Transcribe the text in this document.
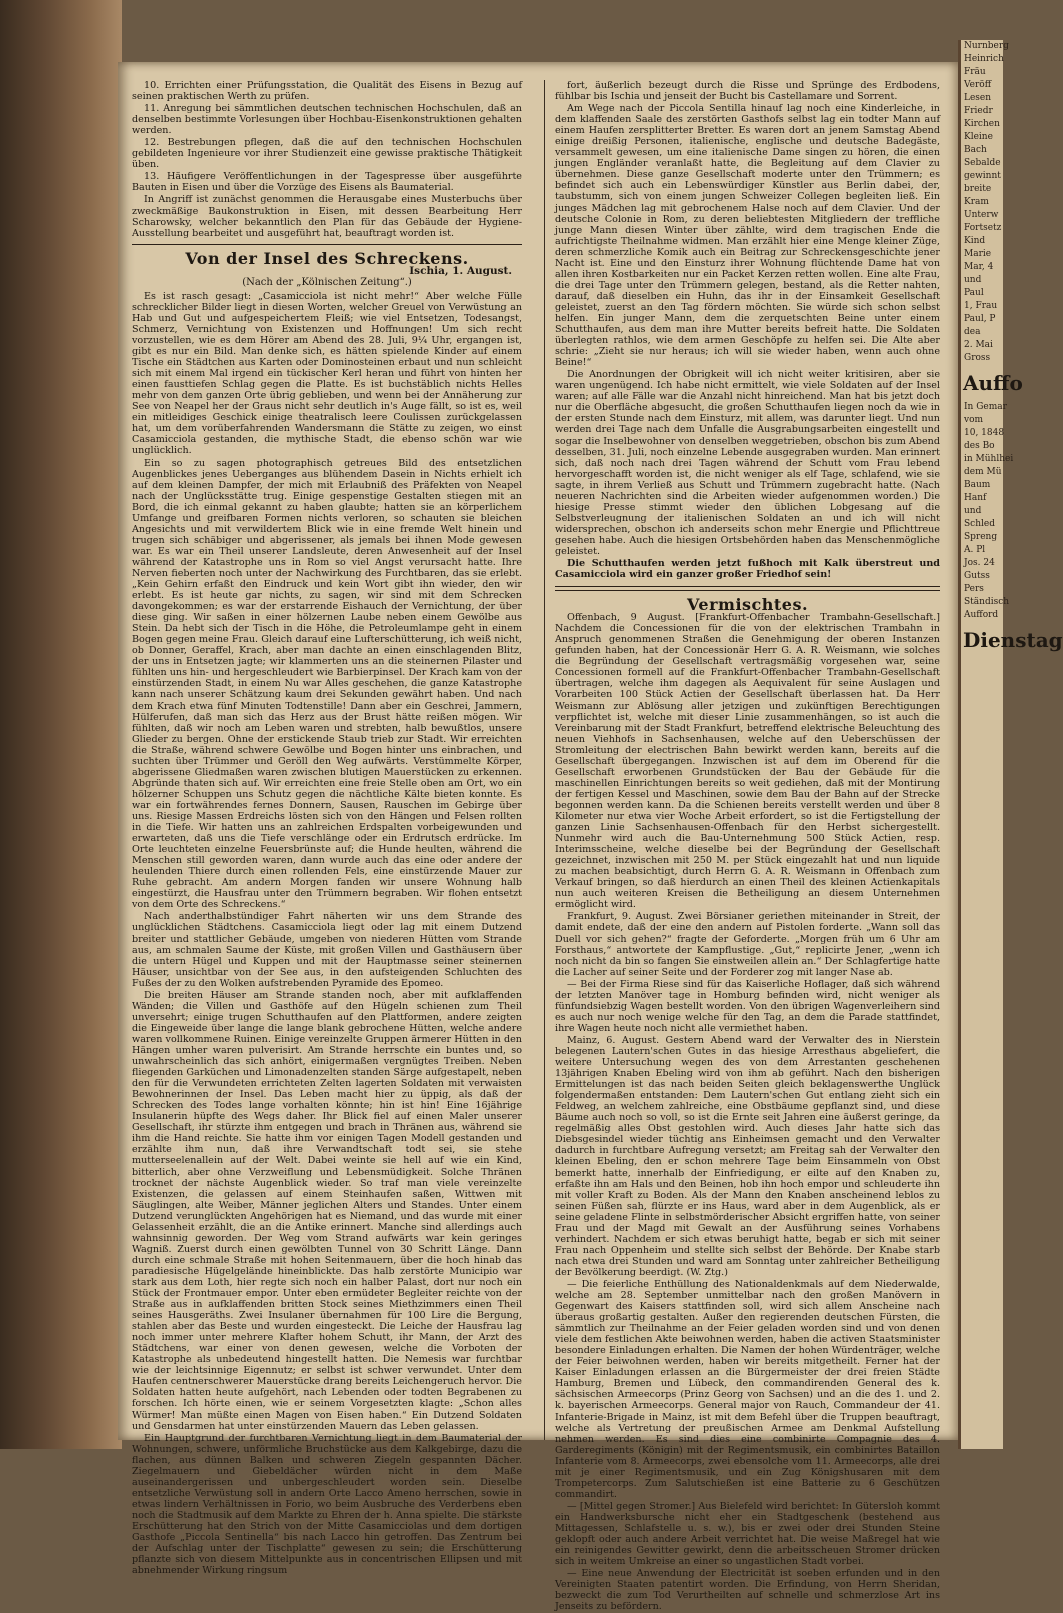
10. Errichten einer Prüfungsstation, die Qualität des Eisens in Bezug auf seinen praktischen Werth zu prüfen.

11. Anregung bei sämmtlichen deutschen technischen Hochschulen, daß an denselben bestimmte Vorlesungen über Hochbau-Eisenkonstruktionen gehalten werden.

12. Bestrebungen pflegen, daß die auf den technischen Hochschulen gebildeten Ingenieure vor ihrer Studienzeit eine gewisse praktische Thätigkeit üben.

13. Häufigere Veröffentlichungen in der Tagespresse über ausgeführte Bauten in Eisen und über die Vorzüge des Eisens als Baumaterial.

In Angriff ist zunächst genommen die Herausgabe eines Musterbuchs über zweckmäßige Baukonstruktion in Eisen, mit dessen Bearbeitung Herr Scharowsky, welcher bekanntlich den Plan für das Gebäude der Hygiene-Ausstellung bearbeitet und ausgeführt hat, beauftragt worden ist.

Von der Insel des Schreckens.
Ischia, 1. August.
(Nach der „Kölnischen Zeitung“.)

Es ist rasch gesagt: „Casamicciola ist nicht mehr!“ Aber welche Fülle schrecklicher Bilder liegt in diesen Worten, welcher Greuel von Verwüstung an Hab und Gut und aufgespeichertem Fleiß; wie viel Entsetzen, Todesangst, Schmerz, Vernichtung von Existenzen und Hoffnungen! Um sich recht vorzustellen, wie es dem Hörer am Abend des 28. Juli, 9¼ Uhr, ergangen ist, gibt es nur ein Bild. Man denke sich, es hätten spielende Kinder auf einem Tische ein Städtchen aus Karten oder Dominosteinen erbaut und nun schleicht sich mit einem Mal irgend ein tückischer Kerl heran und führt von hinten her einen fausttiefen Schlag gegen die Platte. Es ist buchstäblich nichts Helles mehr von dem ganzen Orte übrig geblieben, und wenn bei der Annäherung zur See von Neapel her der Graus nicht sehr deutlich in's Auge fällt, so ist es, weil ein mitleidiges Geschick einige theatralisch leere Coulissen zurückgelassen hat, um dem vorüberfahrenden Wandersmann die Stätte zu zeigen, wo einst Casamicciola gestanden, die mythische Stadt, die ebenso schön war wie unglücklich.

Ein so zu sagen photographisch getreues Bild des entsetzlichen Augenblickes jenes Ueberganges aus blühendem Dasein in Nichts erhielt ich auf dem kleinen Dampfer, der mich mit Erlaubniß des Präfekten von Neapel nach der Unglücksstätte trug. Einige gespenstige Gestalten stiegen mit an Bord, die ich einmal gekannt zu haben glaubte; hatten sie an körperlichem Umfange und greifbaren Formen nichts verloren, so schauten sie bleichen Angesichts und mit verwildertem Blick wie in eine fremde Welt hinein und trugen sich schäbiger und abgerissener, als jemals bei ihnen Mode gewesen war. Es war ein Theil unserer Landsleute, deren Anwesenheit auf der Insel während der Katastrophe uns in Rom so viel Angst verursacht hatte. Ihre Nerven fieberten noch unter der Nachwirkung des Furchtbaren, das sie erlebt. „Kein Gehirn erfaßt den Eindruck und kein Wort gibt ihn wieder, den wir erlebt. Es ist heute gar nichts, zu sagen, wir sind mit dem Schrecken davongekommen; es war der erstarrende Eishauch der Vernichtung, der über diese ging. Wir saßen in einer hölzernen Laube neben einem Gewölbe aus Stein. Da hebt sich der Tisch in die Höhe, die Petroleumlampe geht in einem Bogen gegen meine Frau. Gleich darauf eine Lufterschütterung, ich weiß nicht, ob Donner, Geraffel, Krach, aber man dachte an einen einschlagenden Blitz, der uns in Entsetzen jagte; wir klammerten uns an die steinernen Pilaster und fühlten uns hin- und hergeschleudert wie Barbierpinsel. Der Krach kam von der einstürzenden Stadt, in einem Nu war Alles geschehen, die ganze Katastrophe kann nach unserer Schätzung kaum drei Sekunden gewährt haben. Und nach dem Krach etwa fünf Minuten Todtenstille! Dann aber ein Geschrei, Jammern, Hülferufen, daß man sich das Herz aus der Brust hätte reißen mögen. Wir fühlten, daß wir noch am Leben waren und strebten, halb bewußtlos, unsere Glieder zu bergen. Ohne der erstickende Staub trieb zur Stadt. Wir erreichten die Straße, während schwere Gewölbe und Bogen hinter uns einbrachen, und suchten über Trümmer und Geröll den Weg aufwärts. Verstümmelte Körper, abgerissene Gliedmaßen waren zwischen blutigen Mauerstücken zu erkennen. Abgründe thaten sich auf. Wir erreichten eine freie Stelle oben am Ort, wo ein hölzerner Schuppen uns Schutz gegen die nächtliche Kälte bieten konnte. Es war ein fortwährendes fernes Donnern, Sausen, Rauschen im Gebirge über uns. Riesige Massen Erdreichs lösten sich von den Hängen und Felsen rollten in die Tiefe. Wir hatten uns an zahlreichen Erdspalten vorbeigewunden und erwarteten, daß uns die Tiefe verschlänge oder ein Erdrutsch erdrücke. Im Orte leuchteten einzelne Feuersbrünste auf; die Hunde heulten, während die Menschen still geworden waren, dann wurde auch das eine oder andere der heulenden Thiere durch einen rollenden Fels, eine einstürzende Mauer zur Ruhe gebracht. Am andern Morgen fanden wir unsere Wohnung halb eingestürzt, die Hausfrau unter den Trümmern begraben. Wir flohen entsetzt von dem Orte des Schreckens.“

Nach anderthalbstündiger Fahrt näherten wir uns dem Strande des unglücklichen Städtchens. Casamicciola liegt oder lag mit einem Dutzend breiter und stattlicher Gebäude, umgeben von niederen Hütten vom Strande aus, am schmalen Saume der Küste, mit großen Villen und Gasthäusern über die untern Hügel und Kuppen und mit der Hauptmasse seiner steinernen Häuser, unsichtbar von der See aus, in den aufsteigenden Schluchten des Fußes der zu den Wolken aufstrebenden Pyramide des Epomeo.

Die breiten Häuser am Strande standen noch, aber mit aufklaffenden Wänden; die Villen und Gasthöfe auf den Hügeln schienen zum Theil unversehrt; einige trugen Schutthaufen auf den Plattformen, andere zeigten die Eingeweide über lange die lange blank gebrochene Hütten, welche andere waren vollkommene Ruinen. Einige vereinzelte Gruppen ärmerer Hütten in den Hängen umher waren pulverisirt. Am Strande herrschte ein buntes und, so unwahrscheinlich das sich anhört, einigermaßen vergnügtes Treiben. Neben fliegenden Garküchen und Limonadenzelten standen Särge aufgestapelt, neben den für die Verwundeten errichteten Zelten lagerten Soldaten mit verwaisten Bewohnerinnen der Insel. Das Leben macht hier zu üppig, als daß der Schrecken des Todes lange vorhalten könnte; hin ist hin! Eine 16jährige Insulanerin hüpfte des Wegs daher. Ihr Blick fiel auf einen Maler unserer Gesellschaft, ihr stürzte ihm entgegen und brach in Thränen aus, während sie ihm die Hand reichte. Sie hatte ihm vor einigen Tagen Modell gestanden und erzählte ihm nun, daß ihre Verwandtschaft todt sei, sie stehe mutterseelenallein auf der Welt. Dabei weinte sie hell auf wie ein Kind, bitterlich, aber ohne Verzweiflung und Lebensmüdigkeit. Solche Thränen trocknet der nächste Augenblick wieder. So traf man viele vereinzelte Existenzen, die gelassen auf einem Steinhaufen saßen, Wittwen mit Säuglingen, alte Weiber, Männer jeglichen Alters und Standes. Unter einem Dutzend verunglückten Angehörigen hat es Niemand, und das wurde mit einer Gelassenheit erzählt, die an die Antike erinnert. Manche sind allerdings auch wahnsinnig geworden. Der Weg vom Strand aufwärts war kein geringes Wagniß. Zuerst durch einen gewölbten Tunnel von 30 Schritt Länge. Dann durch eine schmale Straße mit hohen Seitenmauern, über die hoch hinab das paradiesische Hügelgelände hineinblickte. Das halb zerstörte Municipio war stark aus dem Loth, hier regte sich noch ein halber Palast, dort nur noch ein Stück der Frontmauer empor. Unter eben ermüdeter Begleiter reichte von der Straße aus in aufklaffenden britten Stock seines Miethzimmers einen Theil seines Hausgeräths. Zwei Insulaner übernahmen für 100 Lire die Bergung, stahlen aber das Beste und wurden eingesteckt. Die Leiche der Hausfrau lag noch immer unter mehrere Klafter hohem Schutt, ihr Mann, der Arzt des Städtchens, war einer von denen gewesen, welche die Vorboten der Katastrophe als unbedeutend hingestellt hatten. Die Nemesis war furchtbar wie der leichtsinnige Eigennutz; er selbst ist schwer verwundet. Unter dem Haufen centnerschwerer Mauerstücke drang bereits Leichengeruch hervor. Die Soldaten hatten heute aufgehört, nach Lebenden oder todten Begrabenen zu forschen. Ich hörte einen, wie er seinem Vorgesetzten klagte: „Schon alles Würmer! Man müßte einen Magen von Eisen haben.“ Ein Dutzend Soldaten und Gensdarmen hat unter einstürzenden Mauern das Leben gelassen.

Ein Hauptgrund der furchtbaren Vernichtung liegt in dem Baumaterial der Wohnungen, schwere, unförmliche Bruchstücke aus dem Kalkgebirge, dazu die flachen, aus dünnen Balken und schweren Ziegeln gespannten Dächer. Ziegelmauern und Giebeldächer würden nicht in dem Maße auseinandergerissen und unbergeschleudert worden sein. Dieselbe entsetzliche Verwüstung soll in andern Orte Lacco Ameno herrschen, sowie in etwas lindern Verhältnissen in Forio, wo beim Ausbruche des Verderbens eben noch die Stadtmusik auf dem Markte zu Ehren der h. Anna spielte. Die stärkste Erschütterung hat den Strich von der Mitte Casamicciolas und dem dortigen Gasthofe „Piccola Sentinella“ bis nach Lacco hin getroffen. Das Zentrum bei der Aufschlag unter der Tischplatte“ gewesen zu sein; die Erschütterung pflanzte sich von diesem Mittelpunkte aus in concentrischen Ellipsen und mit abnehmender Wirkung ringsum

fort, äußerlich bezeugt durch die Risse und Sprünge des Erdbodens, fühlbar bis Ischia und jenseit der Bucht bis Castellamare und Sorrent.

Am Wege nach der Piccola Sentilla hinauf lag noch eine Kinderleiche, in dem klaffenden Saale des zerstörten Gasthofs selbst lag ein todter Mann auf einem Haufen zersplitterter Bretter. Es waren dort an jenem Samstag Abend einige dreißig Personen, italienische, englische und deutsche Badegäste, versammelt gewesen, um eine italienische Dame singen zu hören, die einen jungen Engländer veranlaßt hatte, die Begleitung auf dem Clavier zu übernehmen. Diese ganze Gesellschaft moderte unter den Trümmern; es befindet sich auch ein Lebenswürdiger Künstler aus Berlin dabei, der, taubstumm, sich von einem jungen Schweizer Collegen begleiten ließ. Ein junges Mädchen lag mit gebrochenem Halse noch auf dem Clavier. Und der deutsche Colonie in Rom, zu deren beliebtesten Mitgliedern der treffliche junge Mann diesen Winter über zählte, wird dem tragischen Ende die aufrichtigste Theilnahme widmen. Man erzählt hier eine Menge kleiner Züge, deren schmerzliche Komik auch ein Beitrag zur Schreckensgeschichte jener Nacht ist. Eine und den Einsturz ihrer Wohnung flüchtende Dame hat von allen ihren Kostbarkeiten nur ein Packet Kerzen retten wollen. Eine alte Frau, die drei Tage unter den Trümmern gelegen, bestand, als die Retter nahten, darauf, daß dieselben ein Huhn, das ihr in der Einsamkeit Gesellschaft geleistet, zuerst an den Tag fördern möchten. Sie würde sich schon selbst helfen. Ein junger Mann, dem die zerquetschten Beine unter einem Schutthaufen, aus dem man ihre Mutter bereits befreit hatte. Die Soldaten überlegten rathlos, wie dem armen Geschöpfe zu helfen sei. Die Alte aber schrie: „Zieht sie nur heraus; ich will sie wieder haben, wenn auch ohne Beine!“

Die Anordnungen der Obrigkeit will ich nicht weiter kritisiren, aber sie waren ungenügend. Ich habe nicht ermittelt, wie viele Soldaten auf der Insel waren; auf alle Fälle war die Anzahl nicht hinreichend. Man hat bis jetzt doch nur die Oberfläche abgesucht, die großen Schutthaufen liegen noch da wie in der ersten Stunde nach dem Einsturz, mit allem, was darunter liegt. Und nun werden drei Tage nach dem Unfalle die Ausgrabungsarbeiten eingestellt und sogar die Inselbewohner von denselben weggetrieben, obschon bis zum Abend desselben, 31. Juli, noch einzelne Lebende ausgegraben wurden. Man erinnert sich, daß noch nach drei Tagen während der Schutt vom Frau lebend hervorgeschafft worden ist, die nicht weniger als elf Tage, schlafend, wie sie sagte, in ihrem Verließ aus Schutt und Trümmern zugebracht hatte. (Nach neueren Nachrichten sind die Arbeiten wieder aufgenommen worden.) Die hiesige Presse stimmt wieder den üblichen Lobgesang auf die Selbstverleugnung der italienischen Soldaten an und ich will nicht widersprechen, obschon ich anderseits schon mehr Energie und Pflichttreue gesehen habe. Auch die hiesigen Ortsbehörden haben das Menschenmögliche geleistet.

Die Schutthaufen werden jetzt fußhoch mit Kalk überstreut und Casamicciola wird ein ganzer großer Friedhof sein!

Vermischtes.

Offenbach, 9 August. [Frankfurt-Offenbacher Trambahn-Gesellschaft.] Nachdem die Concessionen für die von der elektrischen Trambahn in Anspruch genommenen Straßen die Genehmigung der oberen Instanzen gefunden haben, hat der Concessionär Herr G. A. R. Weismann, wie solches die Begründung der Gesellschaft vertragsmäßig vorgesehen war, seine Concessionen formell auf die Frankfurt-Offenbacher Trambahn-Gesellschaft übertragen, welche ihm dagegen als Aequivalent für seine Auslagen und Vorarbeiten 100 Stück Actien der Gesellschaft überlassen hat. Da Herr Weismann zur Ablösung aller jetzigen und zukünftigen Berechtigungen verpflichtet ist, welche mit dieser Linie zusammenhängen, so ist auch die Vereinbarung mit der Stadt Frankfurt, betreffend elektrische Beleuchtung des neuen Viehhofs in Sachsenhausen, welche auf den Ueberschüssen der Stromleitung der electrischen Bahn bewirkt werden kann, bereits auf die Gesellschaft übergegangen. Inzwischen ist auf dem im Oberend für die Gesellschaft erworbenen Grundstücken der Bau der Gebäude für die maschinellen Einrichtungen bereits so weit gediehen, daß mit der Montirung der fertigen Kessel und Maschinen, sowie dem Bau der Bahn auf der Strecke begonnen werden kann. Da die Schienen bereits verstellt werden und über 8 Kilometer nur etwa vier Woche Arbeit erfordert, so ist die Fertigstellung der ganzen Linie Sachsenhausen-Offenbach für den Herbst sichergestellt. Nunmehr wird auch die Bau-Unternehmung 500 Stück Actien, resp. Interimsscheine, welche dieselbe bei der Begründung der Gesellschaft gezeichnet, inzwischen mit 250 M. per Stück eingezahlt hat und nun liquide zu machen beabsichtigt, durch Herrn G. A. R. Weismann in Offenbach zum Verkauf bringen, so daß hierdurch an einen Theil des kleinen Actienkapitals nun auch weiteren Kreisen die Betheiligung an diesem Unternehmen ermöglicht wird.

Frankfurt, 9. August. Zwei Börsianer geriethen miteinander in Streit, der damit endete, daß der eine den andern auf Pistolen forderte. „Wann soll das Duell vor sich gehen?“ fragte der Geforderte. „Morgen früh um 6 Uhr am Forsthaus,“ antwortete der Kampflustige. „Gut,“ replicirte Jener, „wenn ich noch nicht da bin so fangen Sie einstweilen allein an.“ Der Schlagfertige hatte die Lacher auf seiner Seite und der Forderer zog mit langer Nase ab.

— Bei der Firma Riese sind für das Kaiserliche Hoflager, daß sich während der letzten Manöver tage in Homburg befinden wird, nicht weniger als fünfundsiebzig Wagen bestellt worden. Von den übrigen Wagenverleihern sind es auch nur noch wenige welche für den Tag, an dem die Parade stattfindet, ihre Wagen heute noch nicht alle vermiethet haben.

Mainz, 6. August. Gestern Abend ward der Verwalter des in Nierstein belegenen Lautern'schen Gutes in das hiesige Arresthaus abgeliefert, die weitere Untersuchung wegen des von dem Arrestanten geschehenen 13jährigen Knaben Ebeling wird von ihm ab geführt. Nach den bisherigen Ermittelungen ist das nach beiden Seiten gleich beklagenswerthe Unglück folgendermaßen entstanden: Dem Lautern'schen Gut entlang zieht sich ein Feldweg, an welchem zahlreiche, eine Obstbäume gepflanzt sind, und diese Bäume auch noch so voll, so ist die Ernte seit Jahren eine äußerst geringe, da regelmäßig alles Obst gestohlen wird. Auch dieses Jahr hatte sich das Diebsgesindel wieder tüchtig ans Einheimsen gemacht und den Verwalter dadurch in furchtbare Aufregung versetzt; am Freitag sah der Verwalter den kleinen Ebeling, den er schon mehrere Tage beim Einsammeln von Obst bemerkt hatte, innerhalb der Einfriedigung, er eilte auf den Knaben zu, erfaßte ihn am Hals und den Beinen, hob ihn hoch empor und schleuderte ihn mit voller Kraft zu Boden. Als der Mann den Knaben anscheinend leblos zu seinen Füßen sah, flürzte er ins Haus, ward aber in dem Augenblick, als er seine geladene Flinte in selbstmörderischer Absicht ergriffen hatte, von seiner Frau und der Magd mit Gewalt an der Ausführung seines Vorhabens verhindert. Nachdem er sich etwas beruhigt hatte, begab er sich mit seiner Frau nach Oppenheim und stellte sich selbst der Behörde. Der Knabe starb nach etwa drei Stunden und ward am Sonntag unter zahlreicher Betheiligung der Bevölkerung beerdigt. (W. Ztg.)

— Die feierliche Enthüllung des Nationaldenkmals auf dem Niederwalde, welche am 28. September unmittelbar nach den großen Manövern in Gegenwart des Kaisers stattfinden soll, wird sich allem Anscheine nach überaus großartig gestalten. Außer den regierenden deutschen Fürsten, die sämmtlich zur Theilnahme an der Feier geladen worden sind und von denen viele dem festlichen Akte beiwohnen werden, haben die activen Staatsminister besondere Einladungen erhalten. Die Namen der hohen Würdenträger, welche der Feier beiwohnen werden, haben wir bereits mitgetheilt. Ferner hat der Kaiser Einladungen erlassen an die Bürgermeister der drei freien Städte Hamburg, Bremen und Lübeck, den commandirenden General des k. sächsischen Armeecorps (Prinz Georg von Sachsen) und an die des 1. und 2. k. bayerischen Armeecorps. General major von Rauch, Commandeur der 41. Infanterie-Brigade in Mainz, ist mit dem Befehl über die Truppen beauftragt, welche als Vertretung der preußischen Armee am Denkmal Aufstellung nehmen werden. Es sind dies eine combinirte Compagnie des 4. Garderegiments (Königin) mit der Regimentsmusik, ein combinirtes Bataillon Infanterie vom 8. Armeecorps, zwei ebensolche vom 11. Armeecorps, alle drei mit je einer Regimentsmusik, und ein Zug Königshusaren mit dem Trompetercorps. Zum Salutschießen ist eine Batterie zu 6 Geschützen commandirt.

— [Mittel gegen Stromer.] Aus Bielefeld wird berichtet: In Gütersloh kommt ein Handwerksbursche nicht eher ein Stadtgeschenk (bestehend aus Mittagessen, Schlafstelle u. s. w.), bis er zwei oder drei Stunden Steine geklopft oder auch andere Arbeit verrichtet hat. Die weise Maßregel hat wie ein reinigendes Gewitter gewirkt, denn die arbeitsscheuen Stromer drücken sich in weitem Umkreise an einer so ungastlichen Stadt vorbei.

— Eine neue Anwendung der Electricität ist soeben erfunden und in den Vereinigten Staaten patentirt worden. Die Erfindung, von Herrn Sheridan, bezweckt die zum Tod Verurtheilten auf schnelle und schmerzlose Art ins Jenseits zu befördern.

Nurnberg
Heinrich
Fräu
Veröff
Lesen
Friedr
Kirchen
Kleine
Bach
Sebalde
gewinnt
breite
Kram
Unterw
Fortsetz
Kind
Marie
Mar, 4
und
Paul
1, Frau
Paul, P
dea
2. Mai
Gross
Auffo
In Gemar
vom
10, 1848
des Bo
in Mühlhei
dem Mü
Baum
Hanf
und
Schled
Spreng
A. Pl
Jos. 24
Gutss
Pers
Ständisch
Aufford
Dienstag
